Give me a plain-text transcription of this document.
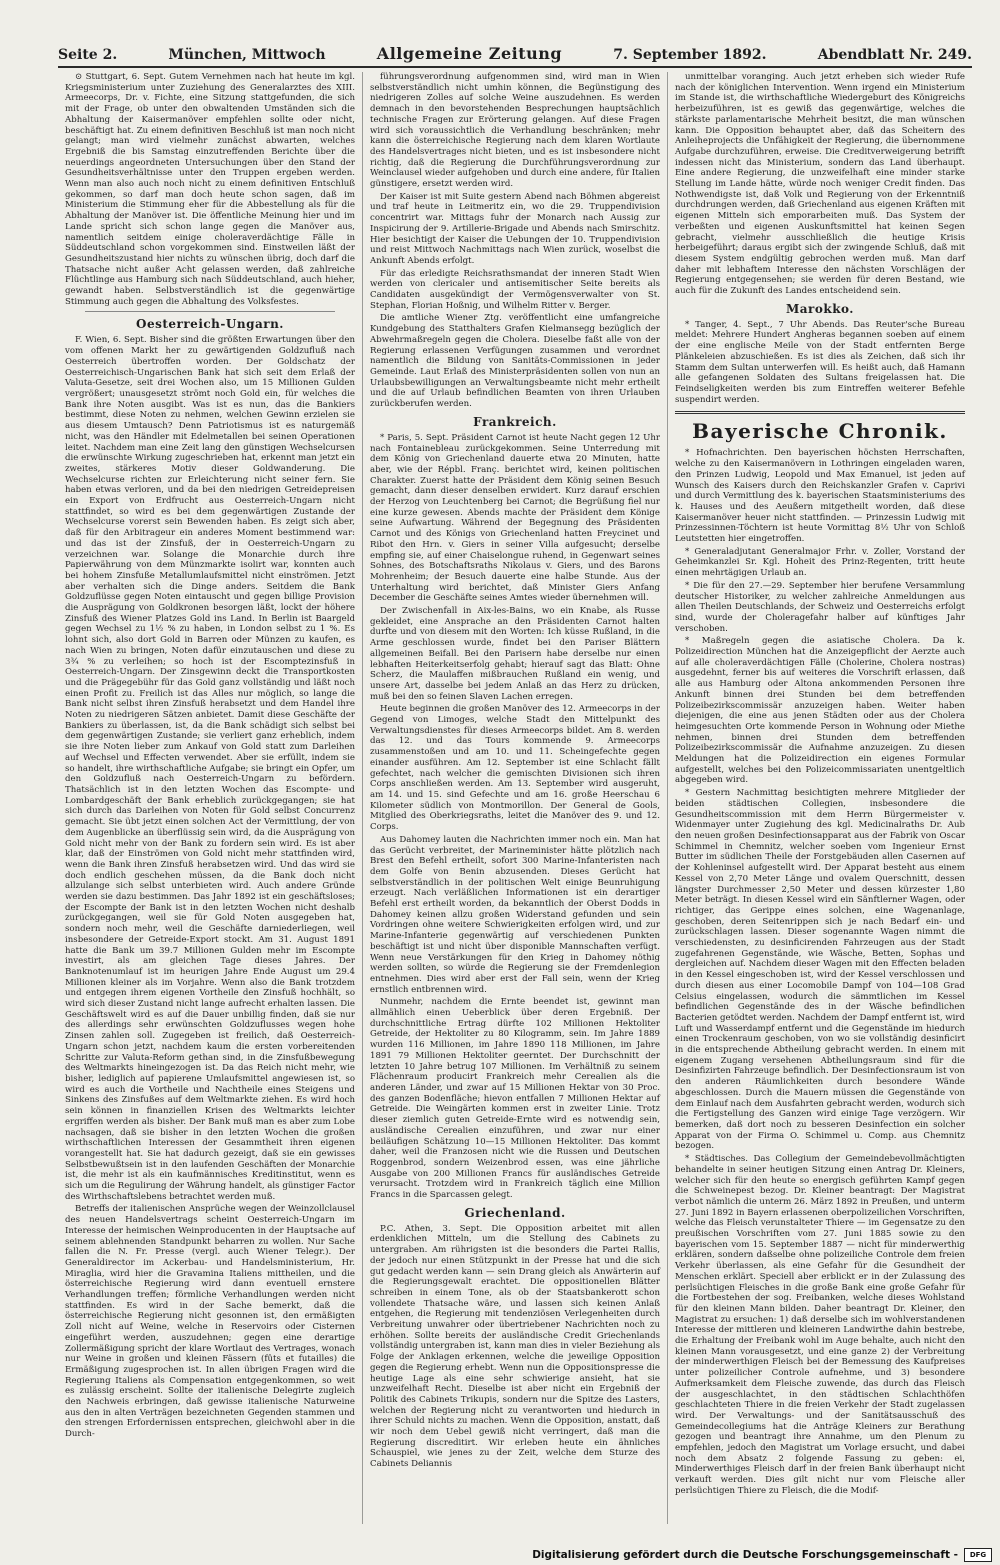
Seite 2.	München, Mittwoch	Allgemeine Zeitung	7. September 1892.	Abendblatt Nr. 249.

⊙ Stuttgart, 6. Sept. Gutem Vernehmen nach hat heute im kgl. Kriegsministerium unter Zuziehung des Generalarztes des XIII. Armeecorps, Dr. v. Fichte, eine Sitzung stattgefunden, die sich mit der Frage, ob unter den obwaltenden Umständen sich die Abhaltung der Kaisermanöver empfehlen sollte oder nicht, beschäftigt hat. Zu einem definitiven Beschluß ist man noch nicht gelangt; man wird vielmehr zunächst abwarten, welches Ergebniß die bis Samstag einzutreffenden Berichte über die neuerdings angeordneten Untersuchungen über den Stand der Gesundheitsverhältnisse unter den Truppen ergeben werden. Wenn man also auch noch nicht zu einem definitiven Entschluß gekommen, so darf man doch heute schon sagen, daß im Ministerium die Stimmung eher für die Abbestellung als für die Abhaltung der Manöver ist. Die öffentliche Meinung hier und im Lande spricht sich schon lange gegen die Manöver aus, namentlich seitdem einige choleraverdächtige Fälle in Süddeutschland schon vorgekommen sind. Einstweilen läßt der Gesundheitszustand hier nichts zu wünschen übrig, doch darf die Thatsache nicht außer Acht gelassen werden, daß zahlreiche Flüchtlinge aus Hamburg sich nach Süddeutschland, auch hieher, gewandt haben. Selbstverständlich ist die gegenwärtige Stimmung auch gegen die Abhaltung des Volksfestes.

Oesterreich-Ungarn.

F. Wien, 6. Sept. Bisher sind die größten Erwartungen über den vom offenen Markt her zu gewärtigenden Goldzufluß nach Oesterreich übertroffen worden. Der Goldschatz der Oesterreichisch-Ungarischen Bank hat sich seit dem Erlaß der Valuta-Gesetze, seit drei Wochen also, um 15 Millionen Gulden vergrößert; unausgesetzt strömt noch Gold ein, für welches die Bank ihre Noten ausgibt. Was ist es nun, das die Bankiers bestimmt, diese Noten zu nehmen, welchen Gewinn erzielen sie aus diesem Umtausch? Denn Patriotismus ist es naturgemäß nicht, was den Händler mit Edelmetallen bei seinen Operationen leitet. Nachdem man eine Zeit lang den günstigen Wechselcursen die erwünschte Wirkung zugeschrieben hat, erkennt man jetzt ein zweites, stärkeres Motiv dieser Goldwanderung. Die Wechselcurse richten zur Erleichterung nicht seiner fern. Sie haben etwas verloren, und da bei den niedrigen Getreidepreisen ein Export von Erdfrucht aus Oesterreich-Ungarn nicht stattfindet, so wird es bei dem gegenwärtigen Zustande der Wechselcurse vorerst sein Bewenden haben. Es zeigt sich aber, daß für den Arbitrageur ein anderes Moment bestimmend war: und das ist der Zinsfuß, der in Oesterreich-Ungarn zu verzeichnen war. Solange die Monarchie durch ihre Papierwährung von dem Münzmarkte isolirt war, konnten auch bei hohem Zinsfuße Metallumlaufsmittel nicht einströmen. Jetzt aber verhalten sich die Dinge anders. Seitdem die Bank Goldzuflüsse gegen Noten eintauscht und gegen billige Provision die Ausprägung von Goldkronen besorgen läßt, lockt der höhere Zinsfuß des Wiener Platzes Gold ins Land. In Berlin ist Baargeld gegen Wechsel zu 1½ % zu haben, in London selbst zu 1 %. Es lohnt sich, also dort Gold in Barren oder Münzen zu kaufen, es nach Wien zu bringen, Noten dafür einzutauschen und diese zu 3¾ % zu verleihen; so hoch ist der Escomptezinsfuß in Oesterreich-Ungarn. Der Zinsgewinn deckt die Transportkosten und die Prägegebühr für das Gold ganz vollständig und läßt noch einen Profit zu. Freilich ist das Alles nur möglich, so lange die Bank nicht selbst ihren Zinsfuß herabsetzt und dem Handel ihre Noten zu niedrigeren Sätzen anbietet. Damit diese Geschäfte der Bankiers zu überlassen, ist, da die Bank schädigt sich selbst bei dem gegenwärtigen Zustande; sie verliert ganz erheblich, indem sie ihre Noten lieber zum Ankauf von Gold statt zum Darleihen auf Wechsel und Effecten verwendet. Aber sie erfüllt, indem sie so handelt, ihre wirthschaftliche Aufgabe; sie bringt ein Opfer, um den Goldzufluß nach Oesterreich-Ungarn zu befördern. Thatsächlich ist in den letzten Wochen das Escompte- und Lombardgeschäft der Bank erheblich zurückgegangen; sie hat sich durch das Darleihen von Noten für Gold selbst Concurrenz gemacht. Sie übt jetzt einen solchen Act der Vermittlung, der von dem Augenblicke an überflüssig sein wird, da die Ausprägung von Gold nicht mehr von der Bank zu fordern sein wird. Es ist aber klar, daß der Einströmen von Gold nicht mehr stattfinden wird, wenn die Bank ihren Zinsfuß herabsetzen wird. Und das wird sie doch endlich geschehen müssen, da die Bank doch nicht allzulange sich selbst unterbieten wird. Auch andere Gründe werden sie dazu bestimmen. Das Jahr 1892 ist ein geschäftsloses; der Escompte der Bank ist in den letzten Wochen nicht deshalb zurückgegangen, weil sie für Gold Noten ausgegeben hat, sondern noch mehr, weil die Geschäfte darniederliegen, weil insbesondere der Getreide-Export stockt. Am 31. August 1891 hatte die Bank um 39.7 Millionen Gulden mehr im Escompte investirt, als am gleichen Tage dieses Jahres. Der Banknotenumlauf ist im heurigen Jahre Ende August um 29.4 Millionen kleiner als im Vorjahre. Wenn also die Bank trotzdem und entgegen ihrem eigenen Vortheile den Zinsfuß hochhält, so wird sich dieser Zustand nicht lange aufrecht erhalten lassen. Die Geschäftswelt wird es auf die Dauer unbillig finden, daß sie nur des allerdings sehr erwünschten Goldzuflusses wegen hohe Zinsen zahlen soll. Zugegeben ist freilich, daß Oesterreich-Ungarn schon jetzt, nachdem kaum die ersten vorbereitenden Schritte zur Valuta-Reform gethan sind, in die Zinsfußbewegung des Weltmarkts hineingezogen ist. Da das Reich nicht mehr, wie bisher, lediglich auf papierene Umlaufsmittel angewiesen ist, so wird es auch die Vortheile und Nachtheile eines Steigens und Sinkens des Zinsfußes auf dem Weltmarkte ziehen. Es wird hoch sein können in finanziellen Krisen des Weltmarkts leichter ergriffen werden als bisher. Der Bank muß man es aber zum Lobe nachsagen, daß sie bisher in den letzten Wochen die großen wirthschaftlichen Interessen der Gesammtheit ihren eigenen vorangestellt hat. Sie hat dadurch gezeigt, daß sie ein gewisses Selbstbewußtsein ist in den laufenden Geschäften der Monarchie ist, die mehr ist als ein kaufmännisches Kreditinstitut, wenn es sich um die Regulirung der Währung handelt, als günstiger Factor des Wirthschaftslebens betrachtet werden muß.

Betreffs der italienischen Ansprüche wegen der Weinzollclausel des neuen Handelsvertrags scheint Oesterreich-Ungarn im Interesse der heimischen Weinproducenten in der Hauptsache auf seinem ablehnenden Standpunkt beharren zu wollen. Nur Sache fallen die N. Fr. Presse (vergl. auch Wiener Telegr.). Der Generaldirector im Ackerbau- und Handelsministerium, Hr. Miraglia, wird hier die Gravamina Italiens mittheilen, und die österreichische Regierung wird dann eventuell ernstere Verhandlungen treffen; förmliche Verhandlungen werden nicht stattfinden. Es wird in der Sache bemerkt, daß die österreichische Regierung nicht gesonnen ist, den ermäßigten Zoll nicht auf Weine, welche in Reservoirs oder Cisternen eingeführt werden, auszudehnen; gegen eine derartige Zollermäßigung spricht der klare Wortlaut des Vertrages, wonach nur Weine in großen und kleinen Fässern (fûts et futailles) die Ermäßigung zugesprochen ist. In allen übrigen Fragen wird die Regierung Italiens als Compensation entgegenkommen, so weit es zulässig erscheint. Sollte der italienische Delegirte zugleich den Nachweis erbringen, daß gewisse italienische Naturweine aus den in alten Verträgen bezeichneten Gegenden stammen und den strengen Erfordernissen entsprechen, gleichwohl aber in die Durch-

führungsverordnung aufgenommen sind, wird man in Wien selbstverständlich nicht umhin können, die Begünstigung des niedrigeren Zolles auf solche Weine auszudehnen. Es werden demnach in den bevorstehenden Besprechungen hauptsächlich technische Fragen zur Erörterung gelangen. Auf diese Fragen wird sich voraussichtlich die Verhandlung beschränken; mehr kann die österreichische Regierung nach dem klaren Wortlaute des Handelsvertrages nicht bieten, und es ist insbesondere nicht richtig, daß die Regierung die Durchführungsverordnung zur Weinclausel wieder aufgehoben und durch eine andere, für Italien günstigere, ersetzt werden wird.

Der Kaiser ist mit Suite gestern Abend nach Böhmen abgereist und traf heute in Leitmeritz ein, wo die 29. Truppendivision concentrirt war. Mittags fuhr der Monarch nach Aussig zur Inspicirung der 9. Artillerie-Brigade und Abends nach Smirschitz. Hier besichtigt der Kaiser die Uebungen der 10. Truppendivision und reist Mittwoch Nachmittags nach Wien zurück, woselbst die Ankunft Abends erfolgt.

Für das erledigte Reichsrathsmandat der inneren Stadt Wien werden von clericaler und antisemitischer Seite bereits als Candidaten ausgekündigt der Vermögensverwalter von St. Stephan, Florian Hoßnig, und Wilhelm Ritter v. Berger.

Die amtliche Wiener Ztg. veröffentlicht eine umfangreiche Kundgebung des Statthalters Grafen Kielmansegg bezüglich der Abwehrmaßregeln gegen die Cholera. Dieselbe faßt alle von der Regierung erlassenen Verfügungen zusammen und verordnet namentlich die Bildung von Sanitäts-Commissionen in jeder Gemeinde. Laut Erlaß des Ministerpräsidenten sollen von nun an Urlaubsbewilligungen an Verwaltungsbeamte nicht mehr ertheilt und die auf Urlaub befindlichen Beamten von ihren Urlauben zurückberufen werden.

Frankreich.

* Paris, 5. Sept. Präsident Carnot ist heute Nacht gegen 12 Uhr nach Fontainebleau zurückgekommen. Seine Unterredung mit dem König von Griechenland dauerte etwa 20 Minuten, hatte aber, wie der Répbl. Franç. berichtet wird, keinen politischen Charakter. Zuerst hatte der Präsident dem König seinen Besuch gemacht, dann dieser denselben erwidert. Kurz darauf erschien der Herzog von Leuchtenberg bei Carnot; die Begrüßung fiel nur eine kurze gewesen. Abends machte der Präsident dem Könige seine Aufwartung. Während der Begegnung des Präsidenten Carnot und des Königs von Griechenland hatten Freycinet und Ribot den Hrn. v. Giers in seiner Villa aufgesucht; derselbe empfing sie, auf einer Chaiselongue ruhend, in Gegenwart seines Sohnes, des Botschaftsraths Nikolaus v. Giers, und des Barons Mohrenheim; der Besuch dauerte eine halbe Stunde. Aus der Unterhaltung wird berichtet, daß Minister Giers Anfang December die Geschäfte seines Amtes wieder übernehmen will.

Der Zwischenfall in Aix-les-Bains, wo ein Knabe, als Russe gekleidet, eine Ansprache an den Präsidenten Carnot halten durfte und von diesem mit den Worten: Ich küsse Rußland, in die Arme geschlossen wurde, findet bei den Pariser Blättern allgemeinen Beifall. Bei den Parisern habe derselbe nur einen lebhaften Heiterkeitserfolg gehabt; hierauf sagt das Blatt: Ohne Scherz, die Maulaffen mißbrauchen Rußland ein wenig, und unsere Art, dasselbe bei jedem Anlaß an das Herz zu drücken, muß bei den so feinen Slaven Lachen erregen.

Heute beginnen die großen Manöver des 12. Armeecorps in der Gegend von Limoges, welche Stadt den Mittelpunkt des Verwaltungsdienstes für dieses Armeecorps bildet. Am 8. werden das 12. und das Tours kommende 9. Armeecorps zusammenstoßen und am 10. und 11. Scheingefechte gegen einander ausführen. Am 12. September ist eine Schlacht fällt gefechtet, nach welcher die gemischten Divisionen sich ihren Corps anschließen werden. Am 13. September wird ausgeruht, am 14. und 15. sind Gefechte und am 16. große Heerschau 6 Kilometer südlich von Montmorillon. Der General de Gools, Mitglied des Oberkriegsraths, leitet die Manöver des 9. und 12. Corps.

Aus Dahomey lauten die Nachrichten immer noch ein. Man hat das Gerücht verbreitet, der Marineminister hätte plötzlich nach Brest den Befehl ertheilt, sofort 300 Marine-Infanteristen nach dem Golfe von Benin abzusenden. Dieses Gerücht hat selbstverständlich in der politischen Welt einige Beunruhigung erzeugt. Nach verläßlichen Informationen ist ein derartiger Befehl erst ertheilt worden, da bekanntlich der Oberst Dodds in Dahomey keinen allzu großen Widerstand gefunden und sein Vordringen ohne weitere Schwierigkeiten erfolgen wird, und zur Marine-Infanterie gegenwärtig auf verschiedenen Punkten beschäftigt ist und nicht über disponible Mannschaften verfügt. Wenn neue Verstärkungen für den Krieg in Dahomey nöthig werden sollten, so würde die Regierung sie der Fremdenlegion entnehmen. Dies wird aber erst der Fall sein, wenn der Krieg ernstlich entbrennen wird.

Nunmehr, nachdem die Ernte beendet ist, gewinnt man allmählich einen Ueberblick über deren Ergebniß. Der durchschnittliche Ertrag dürfte 102 Millionen Hektoliter Getreide, der Hektoliter zu 80 Kilogramm, sein. Im Jahre 1889 wurden 116 Millionen, im Jahre 1890 118 Millionen, im Jahre 1891 79 Millionen Hektoliter geerntet. Der Durchschnitt der letzten 10 Jahre betrug 107 Millionen. Im Verhältniß zu seinem Flächenraum producirt Frankreich mehr Cerealien als die anderen Länder, und zwar auf 15 Millionen Hektar von 30 Proc. des ganzen Bodenfläche; hievon entfallen 7 Millionen Hektar auf Getreide. Die Weingärten kommen erst in zweiter Linie. Trotz dieser ziemlich guten Getreide-Ernte wird es notwendig sein, ausländische Cerealien einzuführen, und zwar nur einer beiläufigen Schätzung 10—15 Millionen Hektoliter. Das kommt daher, weil die Franzosen nicht wie die Russen und Deutschen Roggenbrod, sondern Weizenbrod essen, was eine jährliche Ausgabe von 200 Millionen Francs für ausländisches Getreide verursacht. Trotzdem wird in Frankreich täglich eine Million Francs in die Sparcassen gelegt.

Griechenland.

P.C. Athen, 3. Sept. Die Opposition arbeitet mit allen erdenklichen Mitteln, um die Stellung des Cabinets zu untergraben. Am rührigsten ist die besonders die Partei Rallis, der jedoch nur einen Stützpunkt in der Presse hat und die sich gut gedacht werden kann — sein Drang gleich als Anwärterin auf die Regierungsgewalt erachtet. Die oppositionellen Blätter schreiben in einem Tone, als ob der Staatsbankerott schon vollendete Thatsache wäre, und lassen sich keinen Anlaß entgehen, die Regierung mit tendenziösen Verlegenheiten durch Verbreitung unwahrer oder übertriebener Nachrichten noch zu erhöhen. Sollte bereits der ausländische Credit Griechenlands vollständig untergraben ist, kann man dies in vieler Beziehung als Folge der Anklagen erkennen, welche die jeweilige Opposition gegen die Regierung erhebt. Wenn nun die Oppositionspresse die heutige Lage als eine sehr schwierige ansieht, hat sie unzweifelhaft Recht. Dieselbe ist aber nicht ein Ergebniß der Politik des Cabinets Trikupis, sondern nur die Spitze des Lasters, welchen der Regierung nicht zu verantworten und hiedurch in ihrer Schuld nichts zu machen. Wenn die Opposition, anstatt, daß wir noch dem Uebel gewiß nicht verringert, daß man die Regierung discreditirt. Wir erleben heute ein ähnliches Schauspiel, wie jenes zu der Zeit, welche dem Sturze des Cabinets Deliannis

unmittelbar voranging. Auch jetzt erheben sich wieder Rufe nach der königlichen Intervention. Wenn irgend ein Ministerium im Stande ist, die wirthschaftliche Wiedergeburt des Königreichs herbeizuführen, ist es gewiß das gegenwärtige, welches die stärkste parlamentarische Mehrheit besitzt, die man wünschen kann. Die Opposition behauptet aber, daß das Scheitern des Anleiheprojects die Unfähigkeit der Regierung, die übernommene Aufgabe durchzuführen, erweise. Die Creditverweigerung betrifft indessen nicht das Ministerium, sondern das Land überhaupt. Eine andere Regierung, die unzweifelhaft eine minder starke Stellung im Lande hätte, würde noch weniger Credit finden. Das Nothwendigste ist, daß Volk und Regierung von der Erkenntniß durchdrungen werden, daß Griechenland aus eigenen Kräften mit eigenen Mitteln sich emporarbeiten muß. Das System der verbeßten und eigenen Auskunftsmittel hat keinen Segen gebracht, vielmehr ausschließlich die heutige Krisis herbeigeführt; daraus ergibt sich der zwingende Schluß, daß mit diesem System endgültig gebrochen werden muß. Man darf daher mit lebhaftem Interesse den nächsten Vorschlägen der Regierung entgegensehen; sie werden für deren Bestand, wie auch für die Zukunft des Landes entscheidend sein.

Marokko.

* Tanger, 4. Sept., 7 Uhr Abends. Das Reuter'sche Bureau meldet: Mehrere Hundert Angheras begannen soeben auf einem der eine englische Meile von der Stadt entfernten Berge Plänkeleien abzuschießen. Es ist dies als Zeichen, daß sich ihr Stamm dem Sultan unterwerfen will. Es heißt auch, daß Hamann alle gefangenen Soldaten des Sultans freigelassen hat. Die Feindseligkeiten werden bis zum Eintreffen weiterer Befehle suspendirt werden.

Bayerische Chronik.

* Hofnachrichten. Den bayerischen höchsten Herrschaften, welche zu den Kaisermanövern in Lothringen eingeladen waren, den Prinzen Ludwig, Leopold und Max Emanuel, ist jeden auf Wunsch des Kaisers durch den Reichskanzler Grafen v. Caprivi und durch Vermittlung des k. bayerischen Staatsministeriums des k. Hauses und des Aeußern mitgetheilt worden, daß diese Kaisermanöver heuer nicht stattfinden. — Prinzessin Ludwig mit Prinzessinnen-Töchtern ist heute Vormittag 8½ Uhr von Schloß Leutstetten hier eingetroffen.

* Generaladjutant Generalmajor Frhr. v. Zoller, Vorstand der Geheimkanzlei Sr. Kgl. Hoheit des Prinz-Regenten, tritt heute einen mehrtägigen Urlaub an.

* Die für den 27.—29. September hier berufene Versammlung deutscher Historiker, zu welcher zahlreiche Anmeldungen aus allen Theilen Deutschlands, der Schweiz und Oesterreichs erfolgt sind, wurde der Choleragefahr halber auf künftiges Jahr verschoben.

* Maßregeln gegen die asiatische Cholera. Da k. Polizeidirection München hat die Anzeigepflicht der Aerzte auch auf alle choleraverdächtigen Fälle (Cholerine, Cholera nostras) ausgedehnt, ferner bis auf weiteres die Vorschrift erlassen, daß alle aus Hamburg oder Altona ankommenden Personen ihre Ankunft binnen drei Stunden bei dem betreffenden Polizeibezirkscommissär anzuzeigen haben. Weiter haben diejenigen, die eine aus jenen Städten oder aus der Cholera heimgesuchten Orte kommende Person in Wohnung oder Miethe nehmen, binnen drei Stunden dem betreffenden Polizeibezirkscommissär die Aufnahme anzuzeigen. Zu diesen Meldungen hat die Polizeidirection ein eigenes Formular aufgestellt, welches bei den Polizeicommissariaten unentgeltlich abgegeben wird.

* Gestern Nachmittag besichtigten mehrere Mitglieder der beiden städtischen Collegien, insbesondere die Gesundheitscommission mit dem Herrn Bürgermeister v. Widenmayer unter Zugiehung des kgl. Medicinalraths Dr. Aub den neuen großen Desinfectionsapparat aus der Fabrik von Oscar Schimmel in Chemnitz, welcher soeben vom Ingenieur Ernst Butter im südlichen Theile der Forstgebäuden allen Casernen auf der Kohleninsel aufgestellt wird. Der Apparat besteht aus einem Kessel von 2,70 Meter Länge und ovalem Querschnitt, dessen längster Durchmesser 2,50 Meter und dessen kürzester 1,80 Meter beträgt. In diesen Kessel wird ein Sänftlerner Wagen, oder richtiger, das Gerippe eines solchen, eine Wagenanlage, geschoben, deren Seitenrippen sich je nach Bedarf ein- und zurückschlagen lassen. Dieser sogenannte Wagen nimmt die verschiedensten, zu desinficirenden Fahrzeugen aus der Stadt zugefahrenen Gegenstände, wie Wäsche, Betten, Sophas und dergleichen auf. Nachdem dieser Wagen mit den Effecten beladen in den Kessel eingeschoben ist, wird der Kessel verschlossen und durch diesen aus einer Locomobile Dampf von 104—108 Grad Celsius eingelassen, wodurch die sämmtlichen im Kessel befindlichen Gegenstände des in der Wäsche befindlichen Bacterien getödtet werden. Nachdem der Dampf entfernt ist, wird Luft und Wasserdampf entfernt und die Gegenstände im hiedurch einen Trockenraum geschoben, von wo sie vollständig desinficirt in die entsprechende Abtheilung gebracht werden. In einem mit eigenem Zugang versehenen Abtheilungsraum sind für die Desinfizirten Fahrzeuge befindlich. Der Desinfectionsraum ist von den anderen Räumlichkeiten durch besondere Wände abgeschlossen. Durch die Mauern müssen die Gegenstände von dem Einlauf nach dem Ausfahrten gebracht werden, wodurch sich die Fertigstellung des Ganzen wird einige Tage verzögern. Wir bemerken, daß dort noch zu besseren Desinfection ein solcher Apparat von der Firma O. Schimmel u. Comp. aus Chemnitz bezogen.

* Städtisches. Das Collegium der Gemeindebevollmächtigten behandelte in seiner heutigen Sitzung einen Antrag Dr. Kleiners, welcher sich für den heute so energisch geführten Kampf gegen die Schweinepest bezog. Dr. Kleiner beantragt: Der Magistrat verbot nämlich die unterm 26. März 1892 in Preußen, und unterm 27. Juni 1892 in Bayern erlassenen oberpolizeilichen Vorschriften, welche das Fleisch verunstalteter Thiere — im Gegensatze zu den preußischen Vorschriften vom 27. Juni 1885 sowie zu den bayerischen vom 15. September 1887 — nicht für minderwerthig erklären, sondern daßselbe ohne polizeiliche Controle dem freien Verkehr überlassen, als eine Gefahr für die Gesundheit der Menschen erklärt. Speciell aber erblickt er in der Zulassung des perlsüchtigen Fleisches in die große Bank eine große Gefahr für die Fortbestehen der sog. Freibanken, welche dieses Wohlstand für den kleinen Mann bilden. Daher beantragt Dr. Kleiner, den Magistrat zu ersuchen: 1) daß derselbe sich im wohlverstandenen Interesse der mittleren und kleineren Landwirthe dahin bestrebe, die Erhaltung der Freibank wohl im Auge behalte, auch nicht den kleinen Mann vorausgesetzt, und eine ganze 2) der Verbreitung der minderwerthigen Fleisch bei der Bemessung des Kaufpreises unter polizeilicher Controle aufnehme, und 3) besondere Aufmerksamkeit dem Fleische zuwende, das durch das Fleisch der ausgeschlachtet, in den städtischen Schlachthöfen geschlachteten Thiere in die freien Verkehr der Stadt zugelassen wird. Der Verwaltungs- und der Sanitätsausschuß des Gemeindecollegiums hat die Anträge Kleiners zur Berathung gezogen und beantragt ihre Annahme, um den Plenum zu empfehlen, jedoch den Magistrat um Vorlage ersucht, und dabei noch dem Absatz 2 folgende Fassung zu geben: ei, Minderwerthiges Fleisch darf in der freien Bank überhaupt nicht verkauft werden. Dies gilt nicht nur vom Fleische aller perlsüchtigen Thiere zu Fleisch, die die Modif-

Digitalisierung gefördert durch die Deutsche Forschungsgemeinschaft -	DFG
